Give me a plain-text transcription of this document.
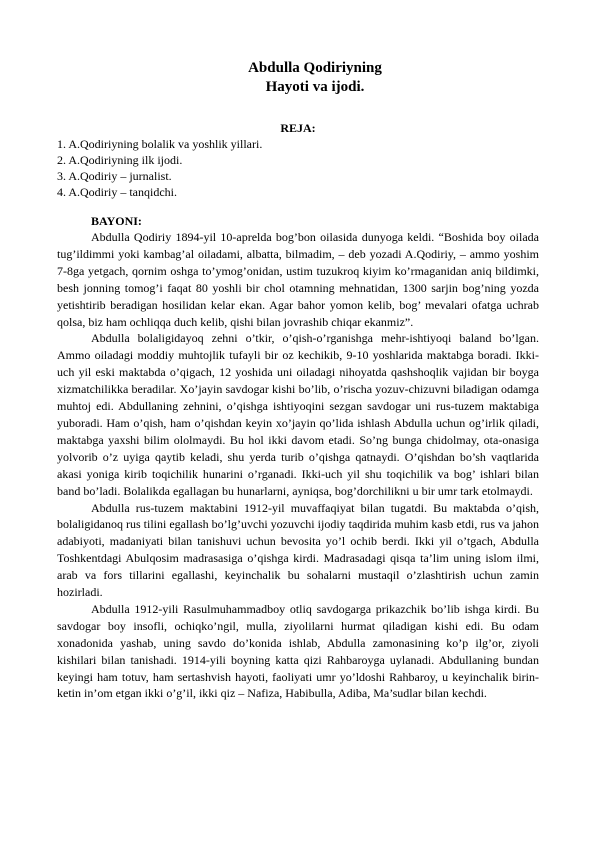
Abdulla Qodiriyning
Hayoti va ijodi.
REJA:
1. A.Qodiriyning bolalik va yoshlik yillari.
2. A.Qodiriyning ilk ijodi.
3. A.Qodiriy – jurnalist.
4. A.Qodiriy – tanqidchi.
BAYONI:

Abdulla Qodiriy 1894-yil 10-aprelda bog’bon oilasida dunyoga keldi. “Boshida boy oilada tug’ildimmi yoki kambag’al oiladami, albatta, bilmadim, – deb yozadi A.Qodiriy, – ammo yoshim 7-8ga yetgach, qornim oshga to’ymog’onidan, ustim tuzukroq kiyim ko’rmaganidan aniq bildimki, besh jonning tomog’i faqat 80 yoshli bir chol otamning mehnatidan, 1300 sarjin bog’ning yozda yetishtirib beradigan hosilidan kelar ekan. Agar bahor yomon kelib, bog’ mevalari ofatga uchrab qolsa, biz ham ochliqqa duch kelib, qishi bilan jovrashib chiqar ekanmiz”.

Abdulla bolaligidayoq zehni o’tkir, o’qish-o’rganishga mehr-ishtiyoqi baland bo’lgan. Ammo oiladagi moddiy muhtojlik tufayli bir oz kechikib, 9-10 yoshlarida maktabga boradi. Ikki-uch yil eski maktabda o’qigach, 12 yoshida uni oiladagi nihoyatda qashshoqlik vajidan bir boyga xizmatchilikka beradilar. Xo’jayin savdogar kishi bo’lib, o’rischa yozuv-chizuvni biladigan odamga muhtoj edi. Abdullaning zehnini, o’qishga ishtiyoqini sezgan savdogar uni rus-tuzem maktabiga yuboradi. Ham o’qish, ham o’qishdan keyin xo’jayin qo’lida ishlash Abdulla uchun og’irlik qiladi, maktabga yaxshi bilim ololmaydi. Bu hol ikki davom etadi. So’ng bunga chidolmay, ota-onasiga yolvorib o’z uyiga qaytib keladi, shu yerda turib o’qishga qatnaydi. O’qishdan bo’sh vaqtlarida akasi yoniga kirib toqichilik hunarini o’rganadi. Ikki-uch yil shu toqichilik va bog’ ishlari bilan band bo’ladi. Bolalikda egallagan bu hunarlarni, ayniqsa, bog’dorchilikni u bir umr tark etolmaydi.

Abdulla rus-tuzem maktabini 1912-yil muvaffaqiyat bilan tugatdi. Bu maktabda o’qish, bolaligidanoq rus tilini egallash bo’lg’uvchi yozuvchi ijodiy taqdirida muhim kasb etdi, rus va jahon adabiyoti, madaniyati bilan tanishuvi uchun bevosita yo’l ochib berdi. Ikki yil o’tgach, Abdulla Toshkentdagi Abulqosim madrasasiga o’qishga kirdi. Madrasadagi qisqa ta’lim uning islom ilmi, arab va fors tillarini egallashi, keyinchalik bu sohalarni mustaqil o’zlashtirish uchun zamin hozirladi.

Abdulla 1912-yili Rasulmuhammadboy otliq savdogarga prikazchik bo’lib ishga kirdi. Bu savdogar boy insofli, ochiqko’ngil, mulla, ziyolilarni hurmat qiladigan kishi edi. Bu odam xonadonida yashab, uning savdo do’konida ishlab, Abdulla zamonasining ko’p ilg’or, ziyoli kishilari bilan tanishadi. 1914-yili boyning katta qizi Rahbaroyga uylanadi. Abdullaning bundan keyingi ham totuv, ham sertashvish hayoti, faoliyati umr yo’ldoshi Rahbaroy, u keyinchalik birin-ketin in’om etgan ikki o’g’il, ikki qiz – Nafiza, Habibulla, Adiba, Ma’sudlar bilan kechdi.
